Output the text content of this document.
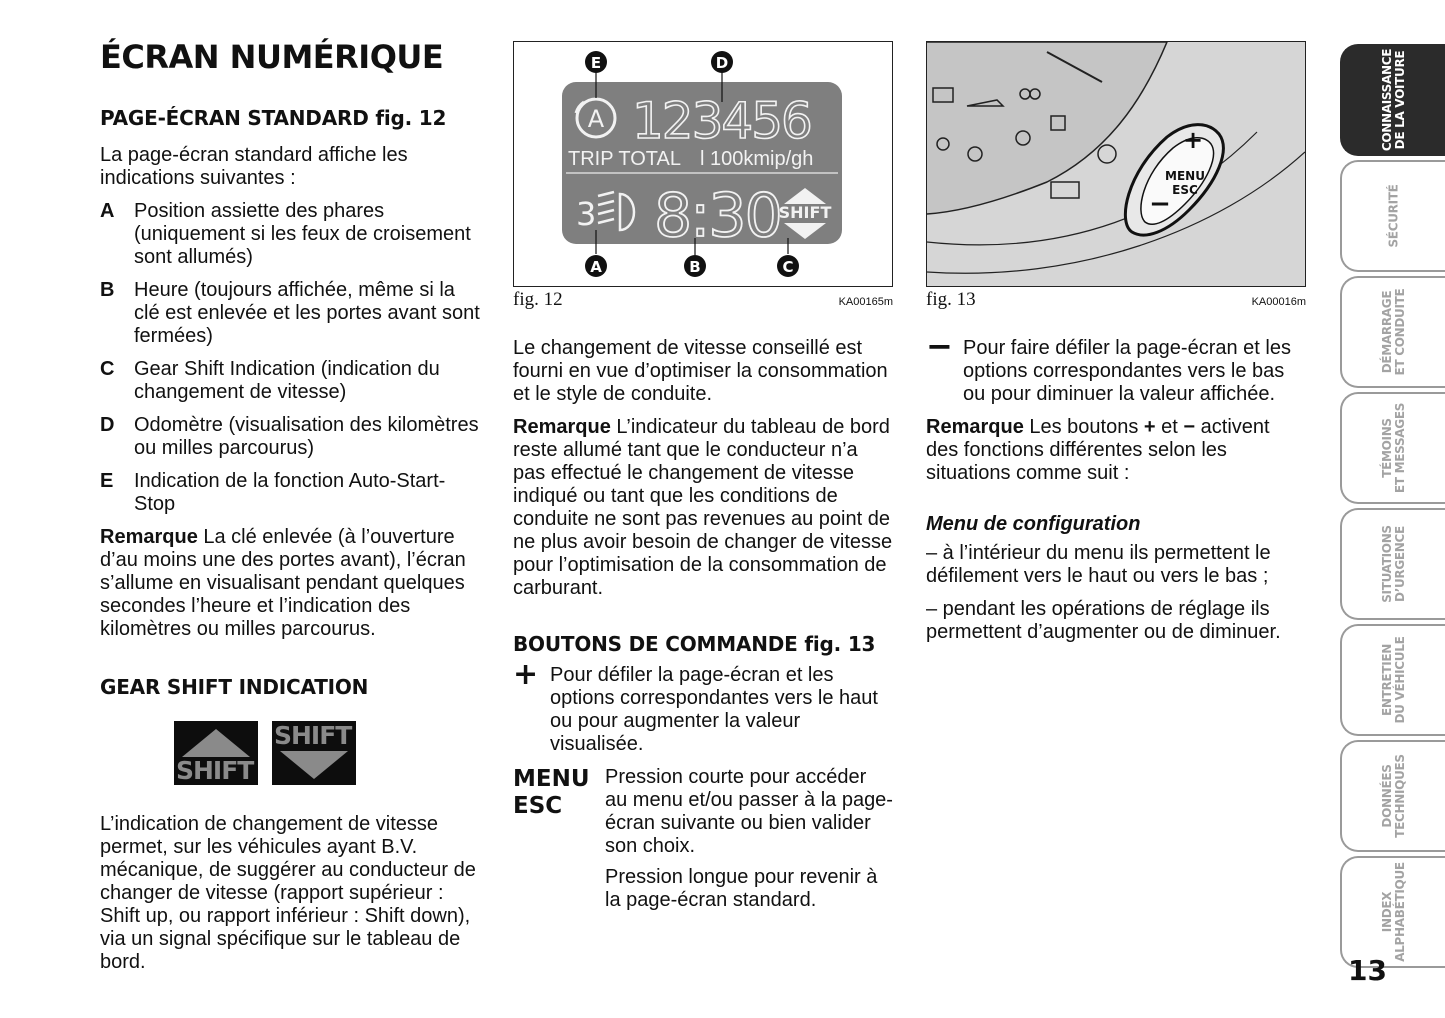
ÉCRAN NUMÉRIQUE
PAGE-ÉCRAN STANDARD fig. 12

La page-écran standard affiche les indications suivantes :

A Position assiette des phares (uniquement si les feux de croisement sont allumés)
B Heure (toujours affichée, même si la clé est enlevée et les portes avant sont fermées)
C Gear Shift Indication (indication du changement de vitesse)
D Odomètre (visualisation des kilomètres ou milles parcourus)
E	Indication de la fonction Auto-Start-Stop

Remarque La clé enlevée (à l’ouverture d’au moins une des portes avant), l’écran s’allume en visualisant pendant quelques secondes l’heure et l’indication des kilomètres ou milles parcourus.

GEAR SHIFT INDICATION
SHIFT
SHIFT

L’indication de changement de vitesse permet, sur les véhicules ayant B.V. mécanique, de suggérer au conducteur de changer de vitesse (rapport supérieur : Shift up, ou rapport inférieur : Shift down), via un signal spécifique sur le tableau de bord.

A 123456
TRIP TOTAL l 100kmip/gh
3 8:30
SHIFT
E	D
A	B	C
fig. 12	KA00165m

Le changement de vitesse conseillé est fourni en vue d’optimiser la consommation et le style de conduite.

Remarque L’indicateur du tableau de bord reste allumé tant que le conducteur n’a pas effectué le changement de vitesse indiqué ou tant que les conditions de conduite ne sont pas revenues au point de ne plus avoir besoin de changer de vitesse pour l’optimisation de la consommation de carburant.

BOUTONS DE COMMANDE fig. 13
+ Pour défiler la page-écran et les options correspondantes vers le haut ou pour augmenter la valeur visualisée.

MENU
ESC

Pression courte pour accéder au menu et/ou passer à la page-écran suivante ou bien valider son choix.

Pression longue pour revenir à la page-écran standard.

+
MENU
ESC
−
fig. 13	KA00016m
− Pour faire défiler la page-écran et les options correspondantes vers le bas ou pour diminuer la valeur affichée.

Remarque Les boutons + et − activent des fonctions différentes selon les situations comme suit :

Menu de configuration

– à l’intérieur du menu ils permettent le défilement vers le haut ou vers le bas ;

– pendant les opérations de réglage ils permettent d’augmenter ou de diminuer.

CONNAISSANCE
DE LA VOITURE
SÉCURITÉ
DÉMARRAGE
ET CONDUITE
TÉMOINS
ET MESSAGES
SITUATIONS
D’URGENCE
ENTRETIEN
DU VÉHICULE
DONNÉES
TECHNIQUES
INDEX
ALPHABÉTIQUE
13
